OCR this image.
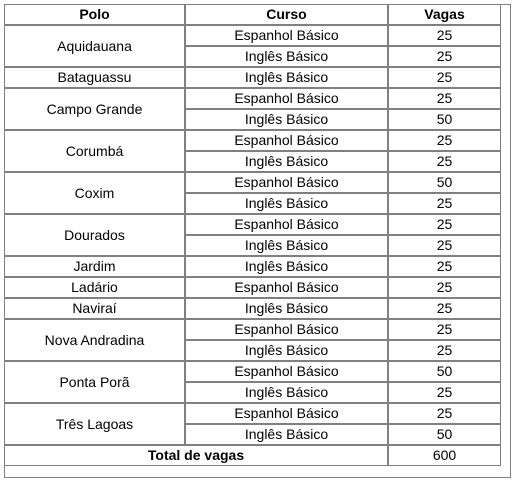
Polo	Curso	Vagas
Aquidauana	Espanhol Básico	25
	Inglês Básico	25
Bataguassu	Inglês Básico	25
Campo Grande	Espanhol Básico	25
	Inglês Básico	50
Corumbá	Espanhol Básico	25
	Inglês Básico	25
Coxim	Espanhol Básico	50
	Inglês Básico	25
Dourados	Espanhol Básico	25
	Inglês Básico	25
Jardim	Inglês Básico	25
Ladário	Espanhol Básico	25
Naviraí	Inglês Básico	25
Nova Andradina	Espanhol Básico	25
	Inglês Básico	25
Ponta Porã	Espanhol Básico	50
	Inglês Básico	25
Três Lagoas	Espanhol Básico	25
	Inglês Básico	50
Total de vagas		600
